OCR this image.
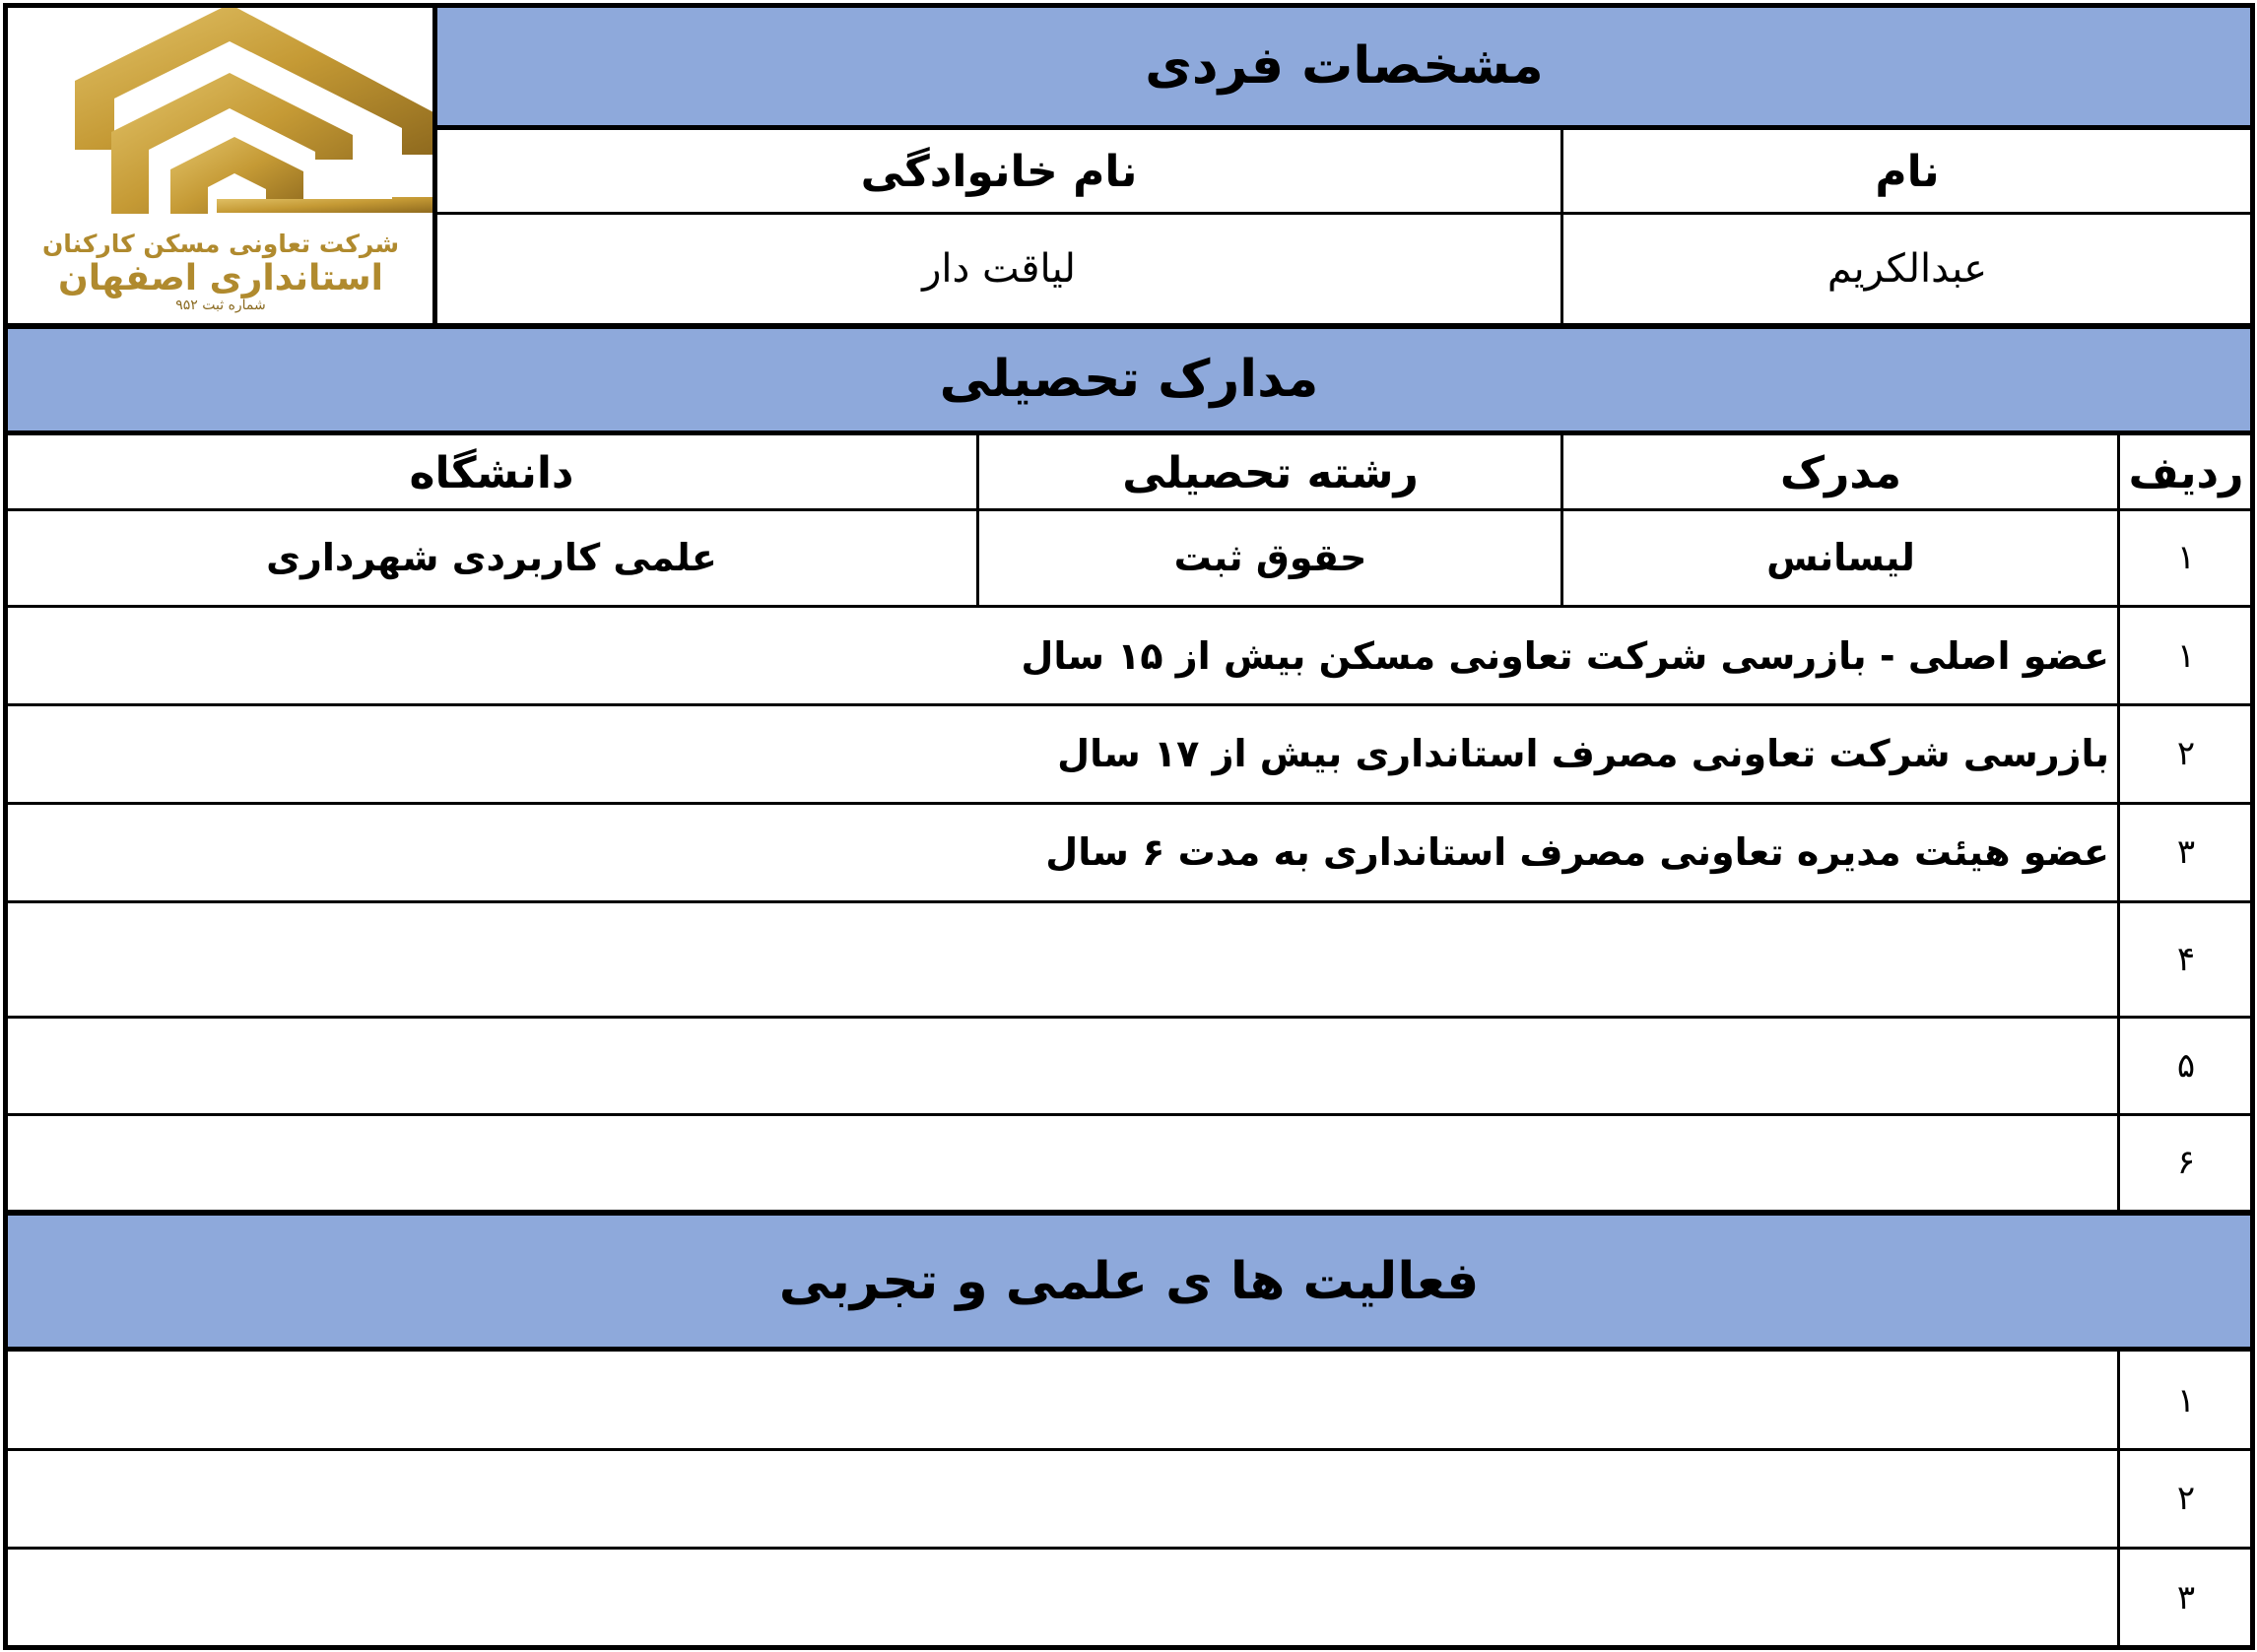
مشخصات فردی
مدارک تحصیلی
فعالیت ها ی علمی و تجربی
شرکت تعاونی مسکن کارکنان
استانداری اصفهان
شماره ثبت ۹۵۲
نام
نام خانوادگی
عبدالکریم
لیاقت دار
ردیف
مدرک
رشته تحصیلی
دانشگاه
۱
لیسانس
حقوق ثبت
علمی کاربردی شهرداری
۱
عضو اصلی - بازرسی شرکت تعاونی مسکن بیش از ۱۵ سال
۲
بازرسی شرکت تعاونی مصرف استانداری بیش از ۱۷ سال
۳
عضو هیئت مدیره تعاونی مصرف استانداری به مدت ۶ سال
۴
۵
۶
۱
۲
۳
